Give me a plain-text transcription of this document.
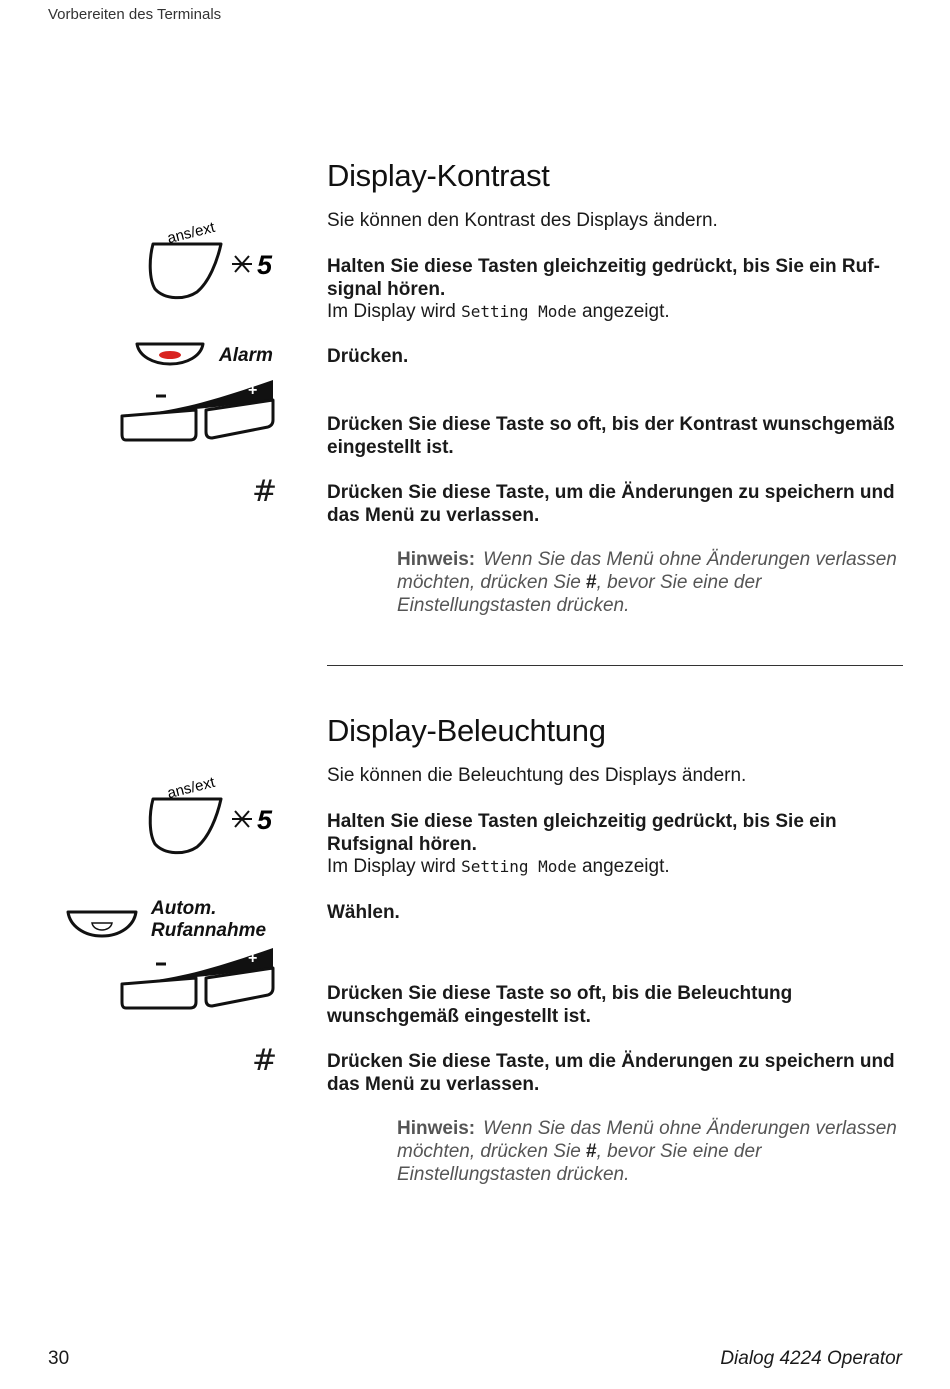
Vorbereiten des Terminals
Display-Kontrast
ans/ext
5
Sie können den Kontrast des Displays ändern.
Halten Sie diese Tasten gleichzeitig gedrückt, bis Sie ein Ruf-signal hören.
Im Display wird Setting Mode angezeigt.
Alarm	Drücken.
+
Drücken Sie diese Taste so oft, bis der Kontrast wunschgemäß eingestellt ist.
#	Drücken Sie diese Taste, um die Änderungen zu speichern und das Menü zu verlassen.
Hinweis: Wenn Sie das Menü ohne Änderungen verlassen möchten, drücken Sie #, bevor Sie eine der Einstellungstasten drücken.
Display-Beleuchtung
ans/ext
5
Sie können die Beleuchtung des Displays ändern.
Halten Sie diese Tasten gleichzeitig gedrückt, bis Sie ein Rufsignal hören.
Im Display wird Setting Mode angezeigt.
Autom.
Rufannahme
Wählen.
+
Drücken Sie diese Taste so oft, bis die Beleuchtung wunschgemäß eingestellt ist.
#	Drücken Sie diese Taste, um die Änderungen zu speichern und das Menü zu verlassen.
Hinweis: Wenn Sie das Menü ohne Änderungen verlassen möchten, drücken Sie #, bevor Sie eine der Einstellungstasten drücken.
30	Dialog 4224 Operator
